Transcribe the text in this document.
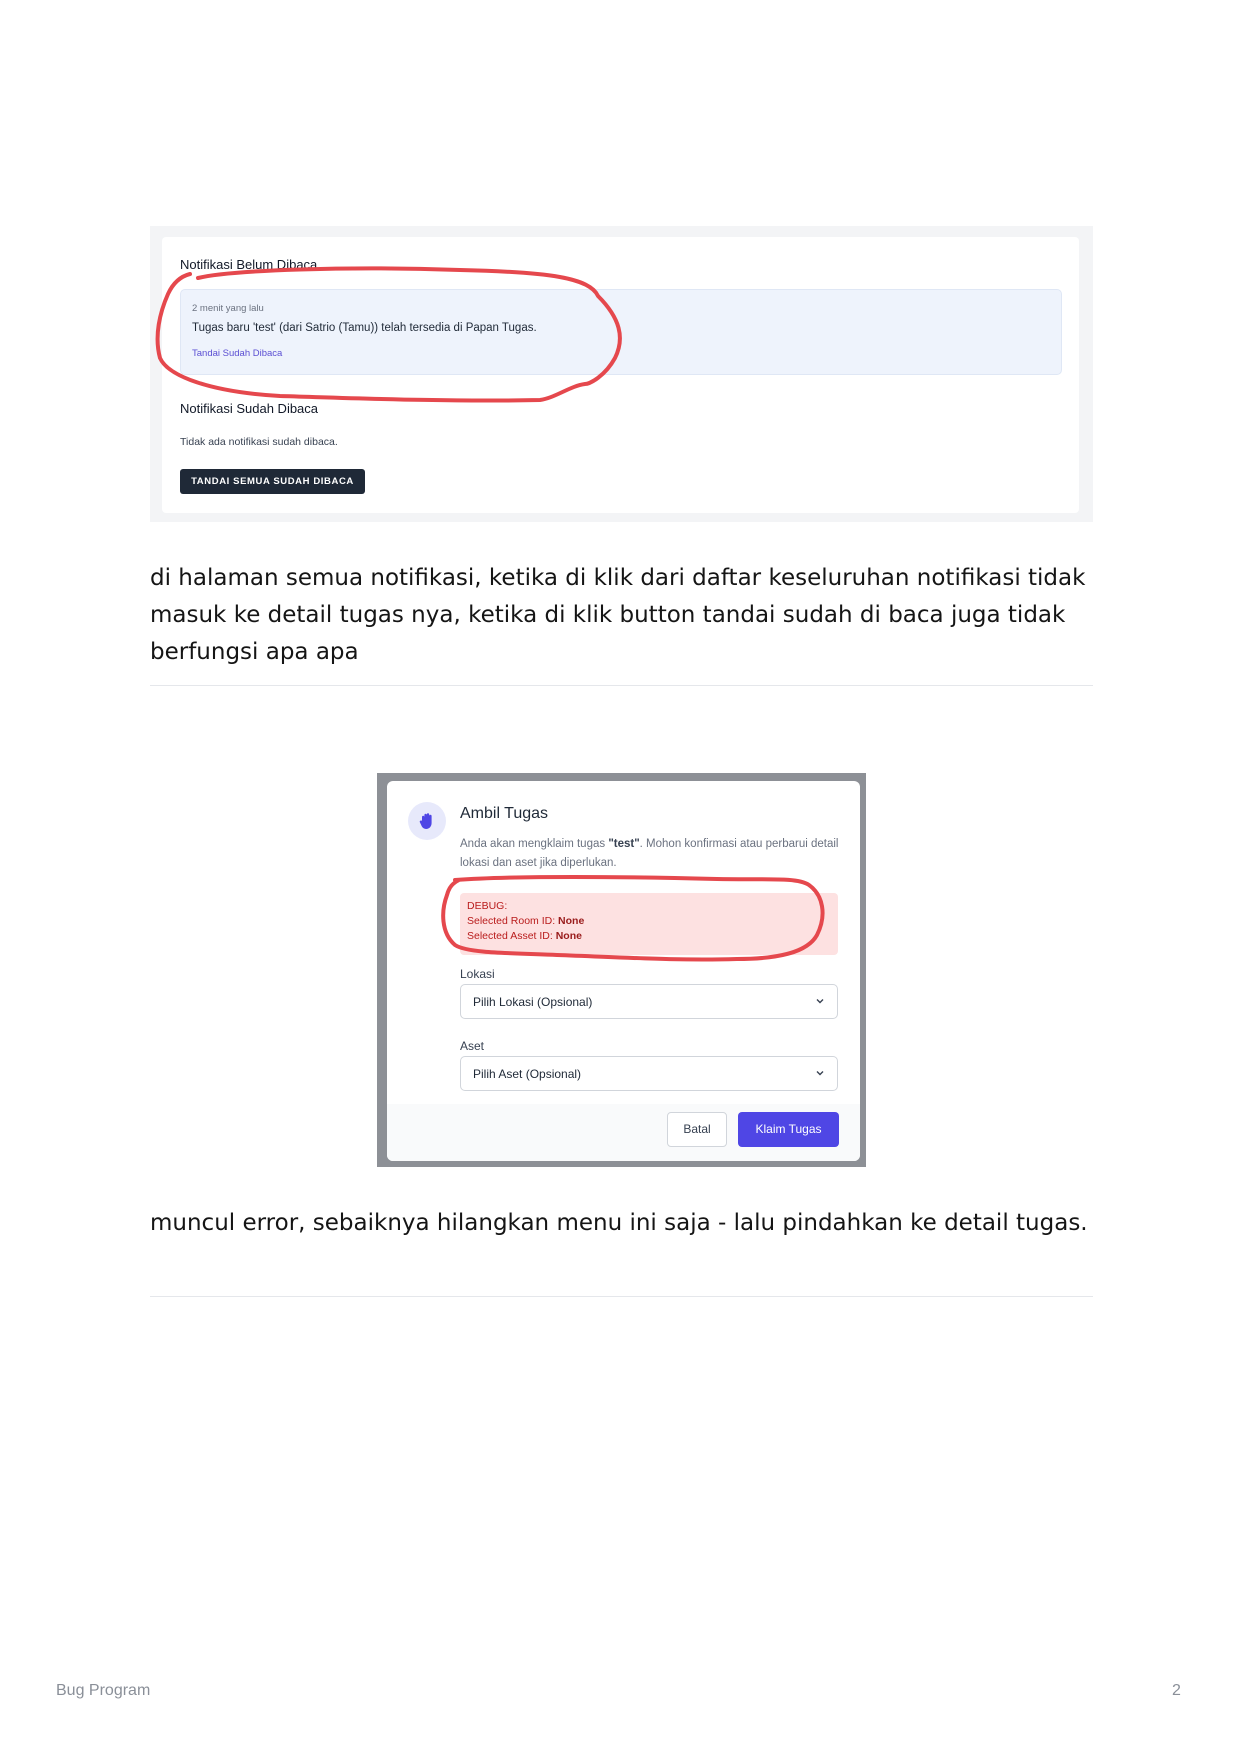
Notifikasi Belum Dibaca
2 menit yang lalu
Tugas baru 'test' (dari Satrio (Tamu)) telah tersedia di Papan Tugas.
Tandai Sudah Dibaca
Notifikasi Sudah Dibaca
Tidak ada notifikasi sudah dibaca.
TANDAI SEMUA SUDAH DIBACA
di halaman semua notifikasi, ketika di klik dari daftar keseluruhan notifikasi tidak masuk ke detail tugas nya, ketika di klik button tandai sudah di baca juga tidak berfungsi apa apa
Ambil Tugas
Anda akan mengklaim tugas "test". Mohon konfirmasi atau perbarui detail lokasi dan aset jika diperlukan.
DEBUG:
Selected Room ID: None
Selected Asset ID: None
Lokasi
Pilih Lokasi (Opsional)
Aset
Pilih Aset (Opsional)
Batal	Klaim Tugas
muncul error, sebaiknya hilangkan menu ini saja - lalu pindahkan ke detail tugas.
Bug Program	2
